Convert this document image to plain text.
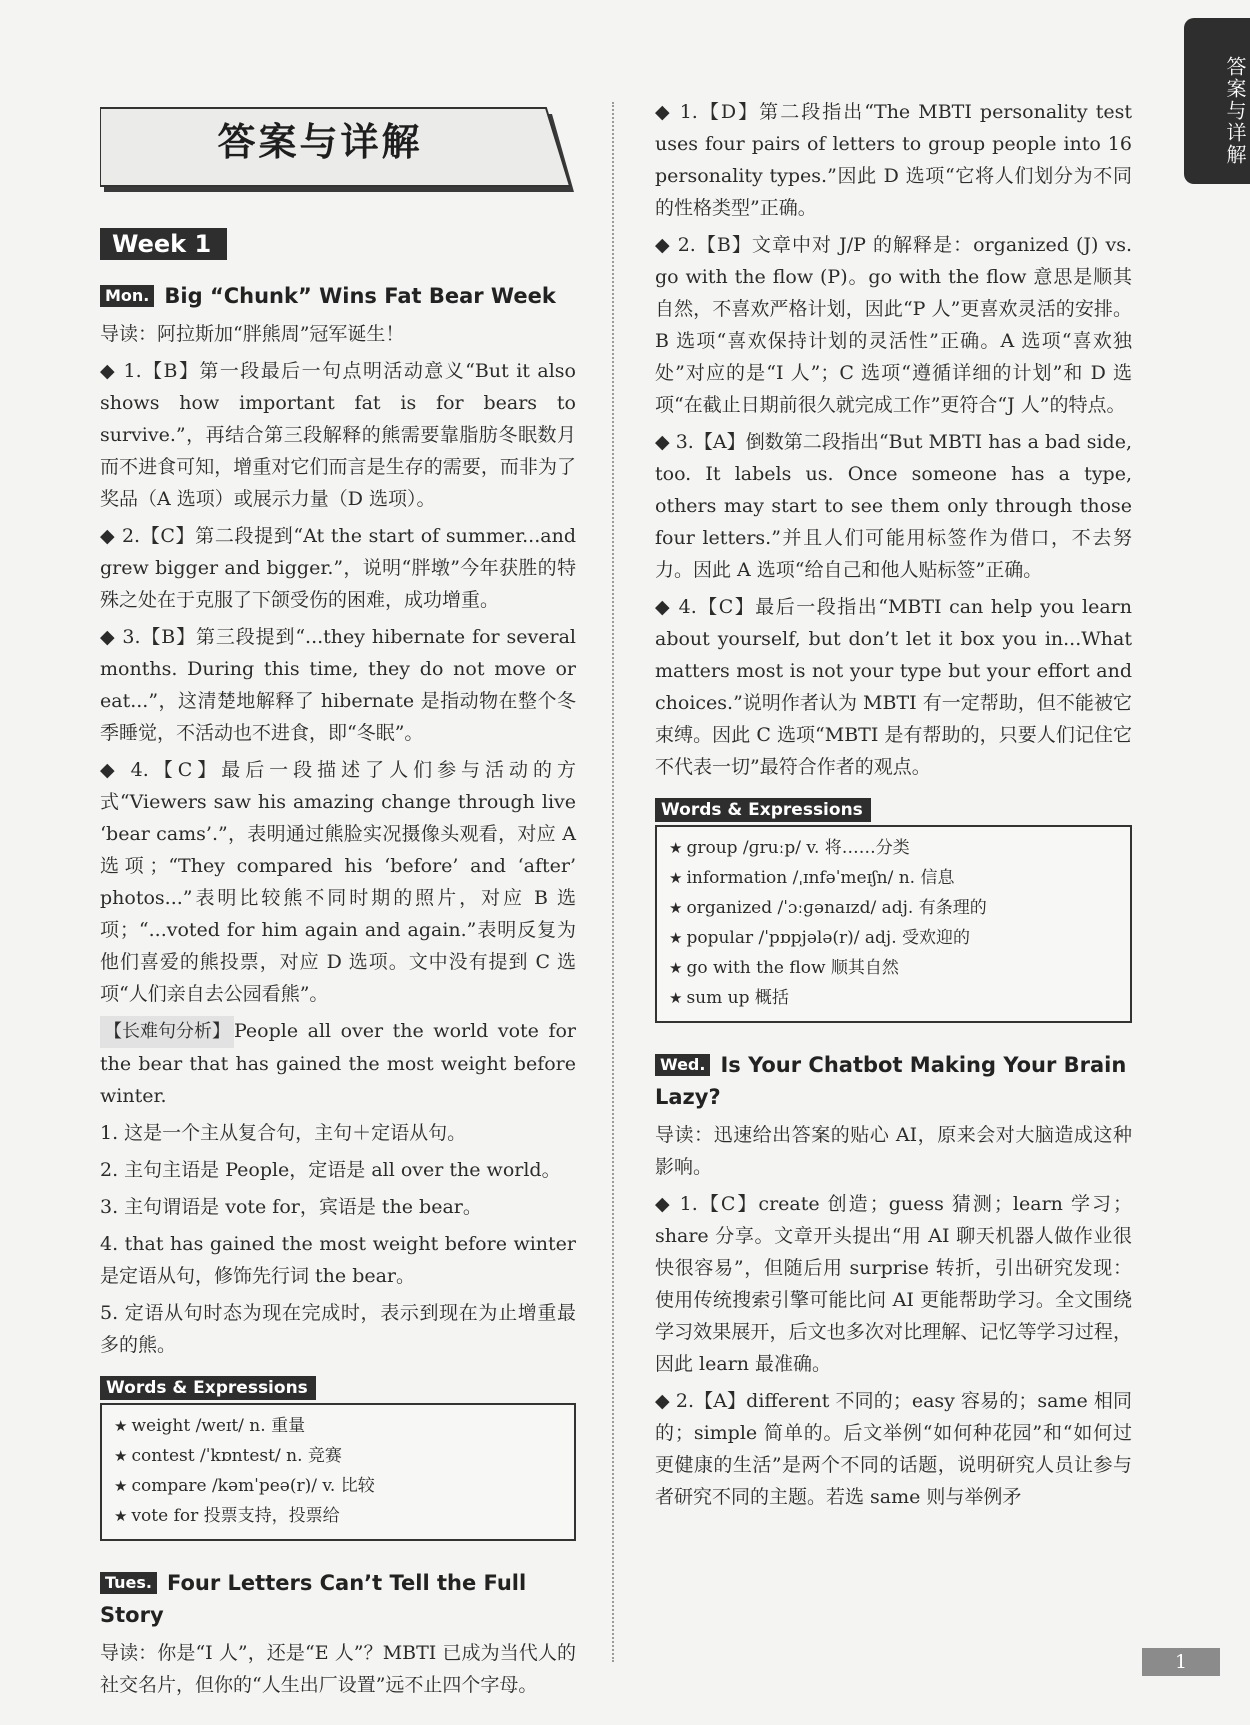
答案与详解
答案与详解
Week 1
Mon. Big “Chunk” Wins Fat Bear Week

导读：阿拉斯加“胖熊周”冠军诞生！

◆ 1.【B】第一段最后一句点明活动意义“But it also shows how important fat is for bears to survive.”，再结合第三段解释的熊需要靠脂肪冬眠数月而不进食可知，增重对它们而言是生存的需要，而非为了奖品（A 选项）或展示力量（D 选项）。

◆ 2.【C】第二段提到“At the start of summer...and grew bigger and bigger.”，说明“胖墩”今年获胜的特殊之处在于克服了下颌受伤的困难，成功增重。

◆ 3.【B】第三段提到“...they hibernate for several months. During this time, they do not move or eat...”，这清楚地解释了 hibernate 是指动物在整个冬季睡觉，不活动也不进食，即“冬眠”。

◆ 4.【C】最后一段描述了人们参与活动的方式“Viewers saw his amazing change through live ‘bear cams’.”，表明通过熊脸实况摄像头观看，对应 A 选项；“They compared his ‘before’ and ‘after’ photos...”表明比较熊不同时期的照片，对应 B 选项；“...voted for him again and again.”表明反复为他们喜爱的熊投票，对应 D 选项。文中没有提到 C 选项“人们亲自去公园看熊”。

【长难句分析】 People all over the world vote for the bear that has gained the most weight before winter.

1. 这是一个主从复合句，主句＋定语从句。

2. 主句主语是 People，定语是 all over the world。

3. 主句谓语是 vote for，宾语是 the bear。

4. that has gained the most weight before winter 是定语从句，修饰先行词 the bear。

5. 定语从句时态为现在完成时，表示到现在为止增重最多的熊。

Words & Expressions
★ weight /weɪt/ n. 重量
★ contest /ˈkɒntest/ n. 竞赛
★ compare /kəmˈpeə(r)/ v. 比较
★ vote for 投票支持，投票给
Tues. Four Letters Can’t Tell the Full Story

导读：你是“I 人”，还是“E 人”？MBTI 已成为当代人的社交名片，但你的“人生出厂设置”远不止四个字母。

◆ 1.【D】第二段指出“The MBTI personality test uses four pairs of letters to group people into 16 personality types.”因此 D 选项“它将人们划分为不同的性格类型”正确。

◆ 2.【B】文章中对 J/P 的解释是：organized (J) vs. go with the flow (P)。go with the flow 意思是顺其自然，不喜欢严格计划，因此“P 人”更喜欢灵活的安排。B 选项“喜欢保持计划的灵活性”正确。A 选项“喜欢独处”对应的是“I 人”；C 选项“遵循详细的计划”和 D 选项“在截止日期前很久就完成工作”更符合“J 人”的特点。

◆ 3.【A】倒数第二段指出“But MBTI has a bad side, too. It labels us. Once someone has a type, others may start to see them only through those four letters.”并且人们可能用标签作为借口，不去努力。因此 A 选项“给自己和他人贴标签”正确。

◆ 4.【C】最后一段指出“MBTI can help you learn about yourself, but don’t let it box you in...What matters most is not your type but your effort and choices.”说明作者认为 MBTI 有一定帮助，但不能被它束缚。因此 C 选项“MBTI 是有帮助的，只要人们记住它不代表一切”最符合作者的观点。

Words & Expressions
★ group /ɡruːp/ v. 将……分类
★ information /ˌɪnfəˈmeɪʃn/ n. 信息
★ organized /ˈɔːɡənaɪzd/ adj. 有条理的
★ popular /ˈpɒpjələ(r)/ adj. 受欢迎的
★ go with the flow 顺其自然
★ sum up 概括
Wed. Is Your Chatbot Making Your Brain Lazy?

导读：迅速给出答案的贴心 AI，原来会对大脑造成这种影响。

◆ 1.【C】create 创造；guess 猜测；learn 学习；share 分享。文章开头提出“用 AI 聊天机器人做作业很快很容易”，但随后用 surprise 转折，引出研究发现：使用传统搜索引擎可能比问 AI 更能帮助学习。全文围绕学习效果展开，后文也多次对比理解、记忆等学习过程，因此 learn 最准确。

◆ 2.【A】different 不同的；easy 容易的；same 相同的；simple 简单的。后文举例“如何种花园”和“如何过更健康的生活”是两个不同的话题，说明研究人员让参与者研究不同的主题。若选 same 则与举例矛

1
